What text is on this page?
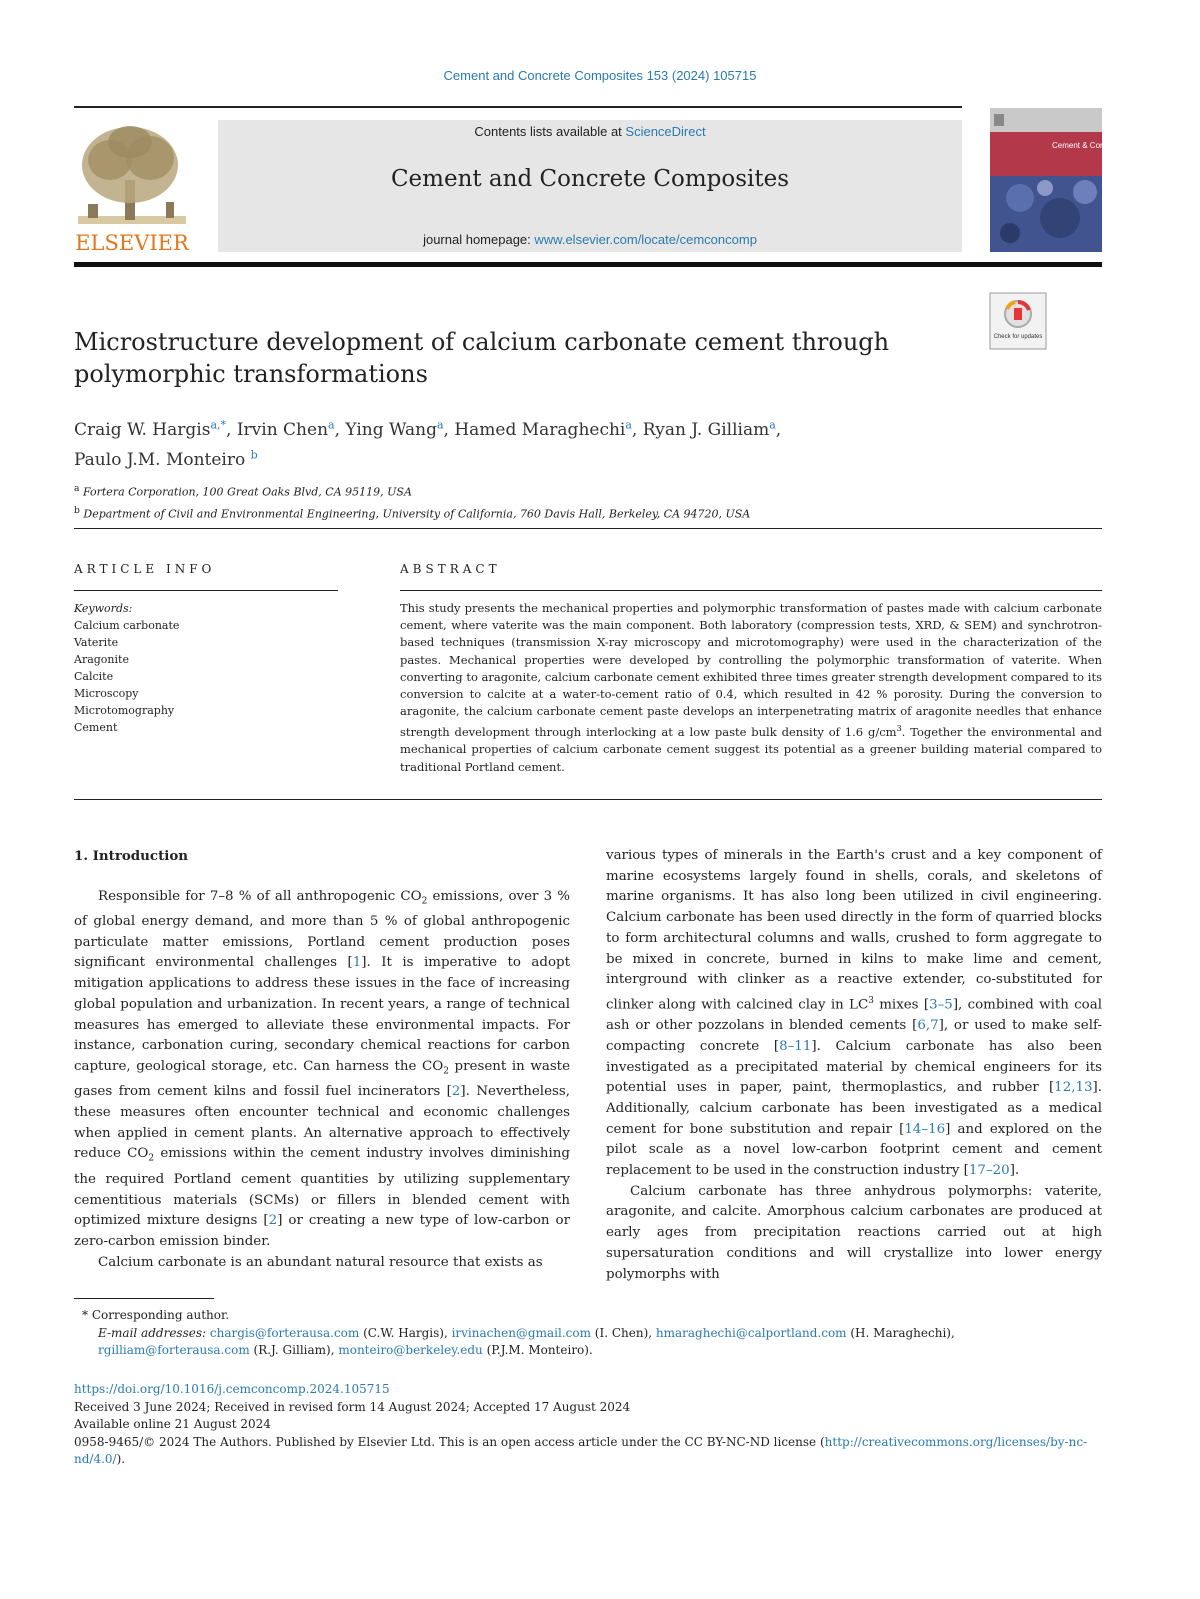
Cement and Concrete Composites 153 (2024) 105715
ELSEVIER
Contents lists available at ScienceDirect
Cement and Concrete Composites
journal homepage: www.elsevier.com/locate/cemconcomp
Cement & Concrete Composites
Check for updates
Microstructure development of calcium carbonate cement through
polymorphic transformations
Craig W. Hargis$^{a,*}$, Irvin Chen$^a$, Ying Wang$^a$, Hamed Maraghechi$^a$, Ryan J. Gilliam$^a$,
Paulo J.M. Monteiro $^b$
$^a$ Fortera Corporation, 100 Great Oaks Blvd, CA 95119, USA
$^b$ Department of Civil and Environmental Engineering, University of California, 760 Davis Hall, Berkeley, CA 94720, USA
ARTICLE INFO	ABSTRACT
Keywords:
Calcium carbonate
Vaterite
Aragonite
Calcite
Microscopy
Microtomography
Cement
This study presents the mechanical properties and polymorphic transformation of pastes made with calcium carbonate cement, where vaterite was the main component. Both laboratory (compression tests, XRD, & SEM) and synchrotron-based techniques (transmission X-ray microscopy and microtomography) were used in the characterization of the pastes. Mechanical properties were developed by controlling the polymorphic transformation of vaterite. When converting to aragonite, calcium carbonate cement exhibited three times greater strength development compared to its conversion to calcite at a water-to-cement ratio of 0.4, which resulted in 42 % porosity. During the conversion to aragonite, the calcium carbonate cement paste develops an interpenetrating matrix of aragonite needles that enhance strength development through interlocking at a low paste bulk density of 1.6 $g/cm^3$. Together the environmental and mechanical properties of calcium carbonate cement suggest its potential as a greener building material compared to traditional Portland cement.

1. Introduction

Responsible for 7–8 % of all anthropogenic $CO_2$ emissions, over 3 % of global energy demand, and more than 5 % of global anthropogenic particulate matter emissions, Portland cement production poses significant environmental challenges [1]. It is imperative to adopt mitigation applications to address these issues in the face of increasing global population and urbanization. In recent years, a range of technical measures has emerged to alleviate these environmental impacts. For instance, carbonation curing, secondary chemical reactions for carbon capture, geological storage, etc. Can harness the $CO_2$ present in waste gases from cement kilns and fossil fuel incinerators [2]. Nevertheless, these measures often encounter technical and economic challenges when applied in cement plants. An alternative approach to effectively reduce $CO_2$ emissions within the cement industry involves diminishing the required Portland cement quantities by utilizing supplementary cementitious materials (SCMs) or fillers in blended cement with optimized mixture designs [2] or creating a new type of low-carbon or zero-carbon emission binder.

Calcium carbonate is an abundant natural resource that exists as

various types of minerals in the Earth's crust and a key component of marine ecosystems largely found in shells, corals, and skeletons of marine organisms. It has also long been utilized in civil engineering. Calcium carbonate has been used directly in the form of quarried blocks to form architectural columns and walls, crushed to form aggregate to be mixed in concrete, burned in kilns to make lime and cement, interground with clinker as a reactive extender, co-substituted for clinker along with calcined clay in $LC^3$ mixes [3–5], combined with coal ash or other pozzolans in blended cements [6,7], or used to make self-compacting concrete [8–11]. Calcium carbonate has also been investigated as a precipitated material by chemical engineers for its potential uses in paper, paint, thermoplastics, and rubber [12,13]. Additionally, calcium carbonate has been investigated as a medical cement for bone substitution and repair [14–16] and explored on the pilot scale as a novel low-carbon footprint cement and cement replacement to be used in the construction industry [17–20].

Calcium carbonate has three anhydrous polymorphs: vaterite, aragonite, and calcite. Amorphous calcium carbonates are produced at early ages from precipitation reactions carried out at high supersaturation conditions and will crystallize into lower energy polymorphs with

* Corresponding author.
E-mail addresses: chargis@forterausa.com (C.W. Hargis), irvinachen@gmail.com (I. Chen), hmaraghechi@calportland.com (H. Maraghechi), rgilliam@forterausa.com (R.J. Gilliam), monteiro@berkeley.edu (P.J.M. Monteiro).
https://doi.org/10.1016/j.cemconcomp.2024.105715
Received 3 June 2024; Received in revised form 14 August 2024; Accepted 17 August 2024
Available online 21 August 2024
0958-9465/© 2024 The Authors. Published by Elsevier Ltd. This is an open access article under the CC BY-NC-ND license (http://creativecommons.org/licenses/by-nc-nd/4.0/).
